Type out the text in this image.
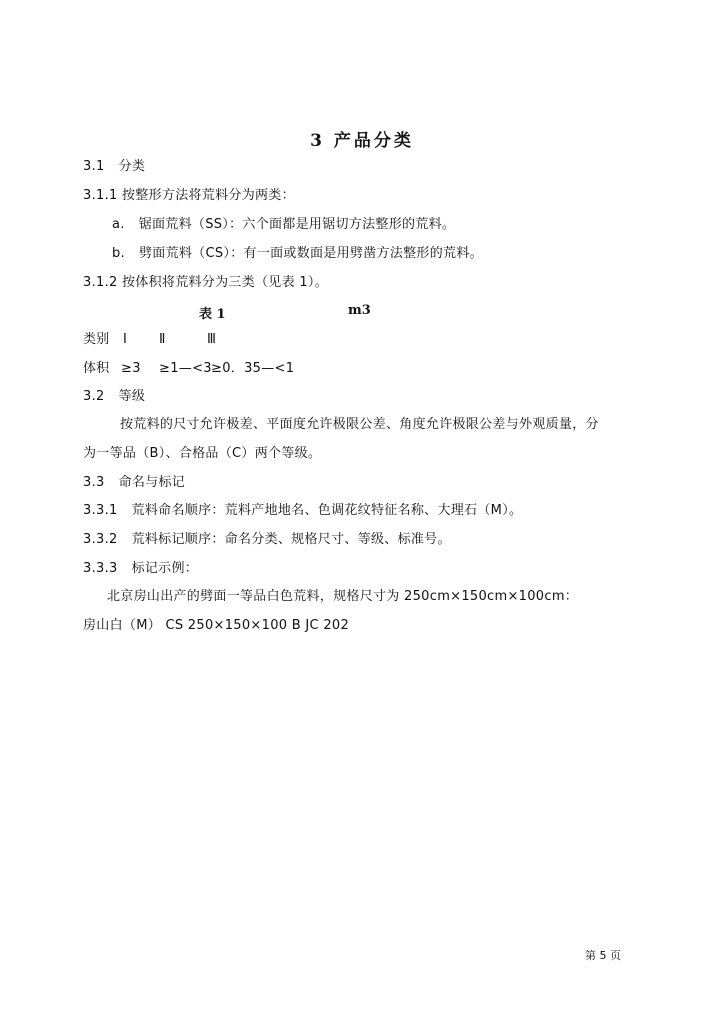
3 产品分类
3.1 分类
3.1.1 按整形方法将荒料分为两类：
a. 锯面荒料（SS）：六个面都是用锯切方法整形的荒料。
b. 劈面荒料（CS）：有一面或数面是用劈凿方法整形的荒料。
3.1.2 按体积将荒料分为三类（见表 1）。
表 1	m3
类别 Ⅰ Ⅱ	Ⅲ
体积 ≥3 ≥1—<3≥0．35—<1
3.2 等级
按荒料的尺寸允许极差、平面度允许极限公差、角度允许极限公差与外观质量，分
为一等品（B）、合格品（C）两个等级。
3.3 命名与标记
3.3.1 荒料命名顺序：荒料产地地名、色调花纹特征名称、大理石（M）。
3.3.2 荒料标记顺序：命名分类、规格尺寸、等级、标准号。
3.3.3 标记示例：
北京房山出产的劈面一等品白色荒料，规格尺寸为 250cm×150cm×100cm：
房山白（M） CS 250×150×100 B JC 202
第 5 页
